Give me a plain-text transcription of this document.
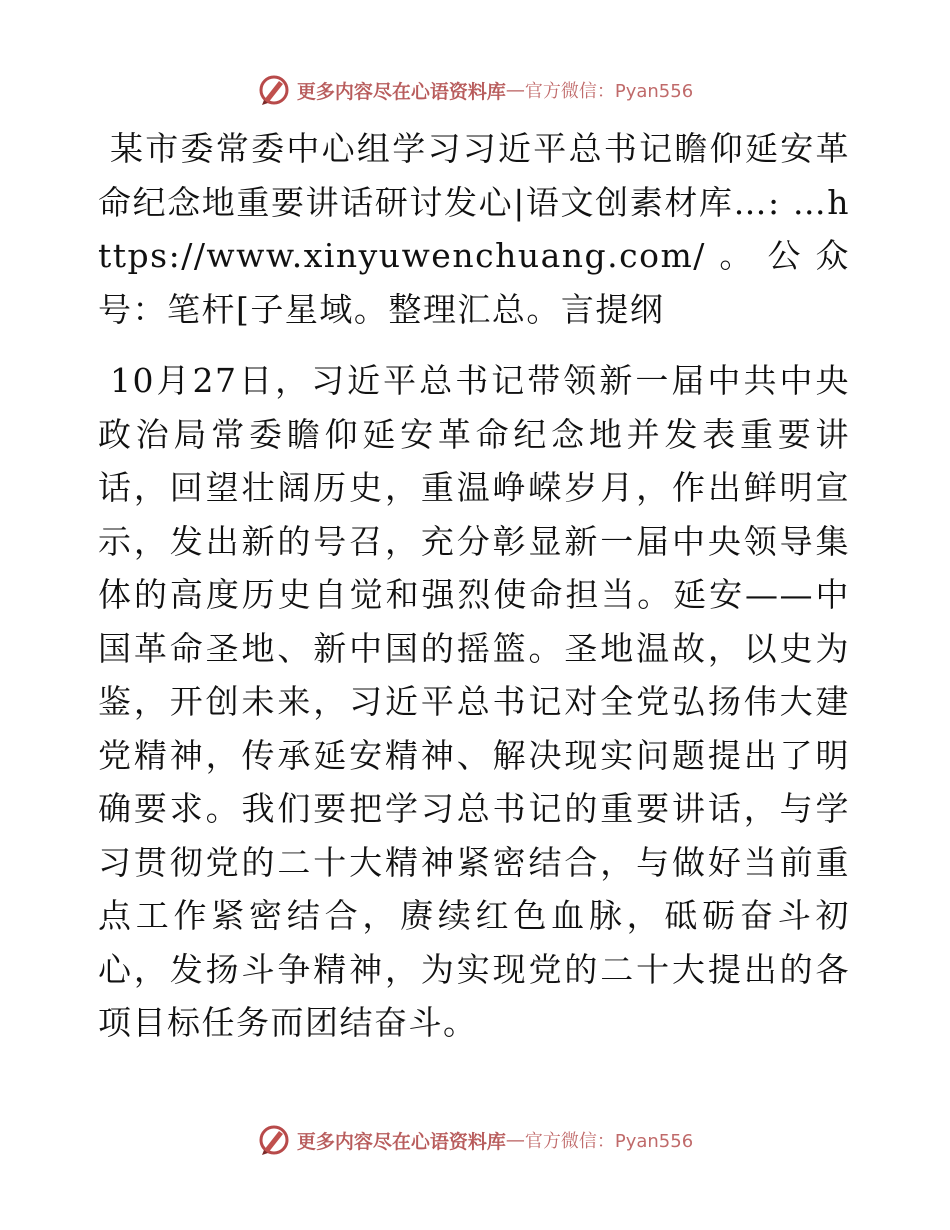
更多内容尽在心语资料库 — 官方微信：Pyan556

某市委常委中心组学习习近平总书记瞻仰延安革命纪念地重要讲话研讨发心|语文创素材库…: …https://www.xinyuwenchuang.com/。公众号：笔杆[子星域。整理汇总。言提纲

10月27日，习近平总书记带领新一届中共中央政治局常委瞻仰延安革命纪念地并发表重要讲话，回望壮阔历史，重温峥嵘岁月，作出鲜明宣示，发出新的号召，充分彰显新一届中央领导集体的高度历史自觉和强烈使命担当。延安——中国革命圣地、新中国的摇篮。圣地温故，以史为鉴，开创未来，习近平总书记对全党弘扬伟大建党精神，传承延安精神、解决现实问题提出了明确要求。我们要把学习总书记的重要讲话，与学习贯彻党的二十大精神紧密结合，与做好当前重点工作紧密结合，赓续红色血脉，砥砺奋斗初心，发扬斗争精神，为实现党的二十大提出的各项目标任务而团结奋斗。

更多内容尽在心语资料库 — 官方微信：Pyan556
